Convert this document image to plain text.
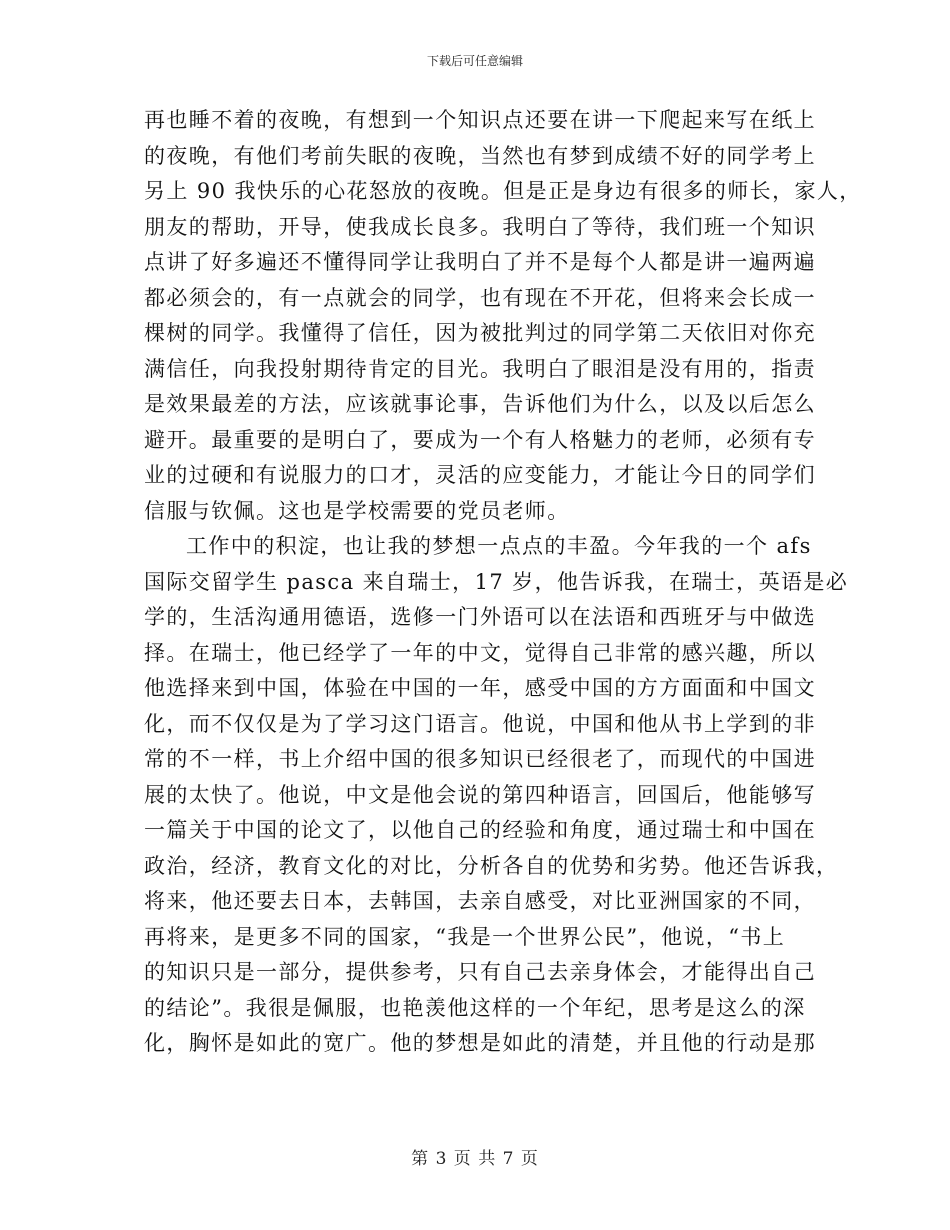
下载后可任意编辑
再也睡不着的夜晚，有想到一个知识点还要在讲一下爬起来写在纸上
的夜晚，有他们考前失眠的夜晚，当然也有梦到成绩不好的同学考上
另上 90 我快乐的心花怒放的夜晚。但是正是身边有很多的师长，家人，
朋友的帮助，开导，使我成长良多。我明白了等待，我们班一个知识
点讲了好多遍还不懂得同学让我明白了并不是每个人都是讲一遍两遍
都必须会的，有一点就会的同学，也有现在不开花，但将来会长成一
棵树的同学。我懂得了信任，因为被批判过的同学第二天依旧对你充
满信任，向我投射期待肯定的目光。我明白了眼泪是没有用的，指责
是效果最差的方法，应该就事论事，告诉他们为什么，以及以后怎么
避开。最重要的是明白了，要成为一个有人格魅力的老师，必须有专
业的过硬和有说服力的口才，灵活的应变能力，才能让今日的同学们
信服与钦佩。这也是学校需要的党员老师。
工作中的积淀，也让我的梦想一点点的丰盈。今年我的一个 afs
国际交留学生 pasca 来自瑞士，17 岁，他告诉我，在瑞士，英语是必
学的，生活沟通用德语，选修一门外语可以在法语和西班牙与中做选
择。在瑞士，他已经学了一年的中文，觉得自己非常的感兴趣，所以
他选择来到中国，体验在中国的一年，感受中国的方方面面和中国文
化，而不仅仅是为了学习这门语言。他说，中国和他从书上学到的非
常的不一样，书上介绍中国的很多知识已经很老了，而现代的中国进
展的太快了。他说，中文是他会说的第四种语言，回国后，他能够写
一篇关于中国的论文了，以他自己的经验和角度，通过瑞士和中国在
政治，经济，教育文化的对比，分析各自的优势和劣势。他还告诉我，
将来，他还要去日本，去韩国，去亲自感受，对比亚洲国家的不同，
再将来，是更多不同的国家，“我是一个世界公民”，他说，“书上
的知识只是一部分，提供参考，只有自己去亲身体会，才能得出自己
的结论”。我很是佩服，也艳羡他这样的一个年纪，思考是这么的深
化，胸怀是如此的宽广。他的梦想是如此的清楚，并且他的行动是那
第 3 页 共 7 页
